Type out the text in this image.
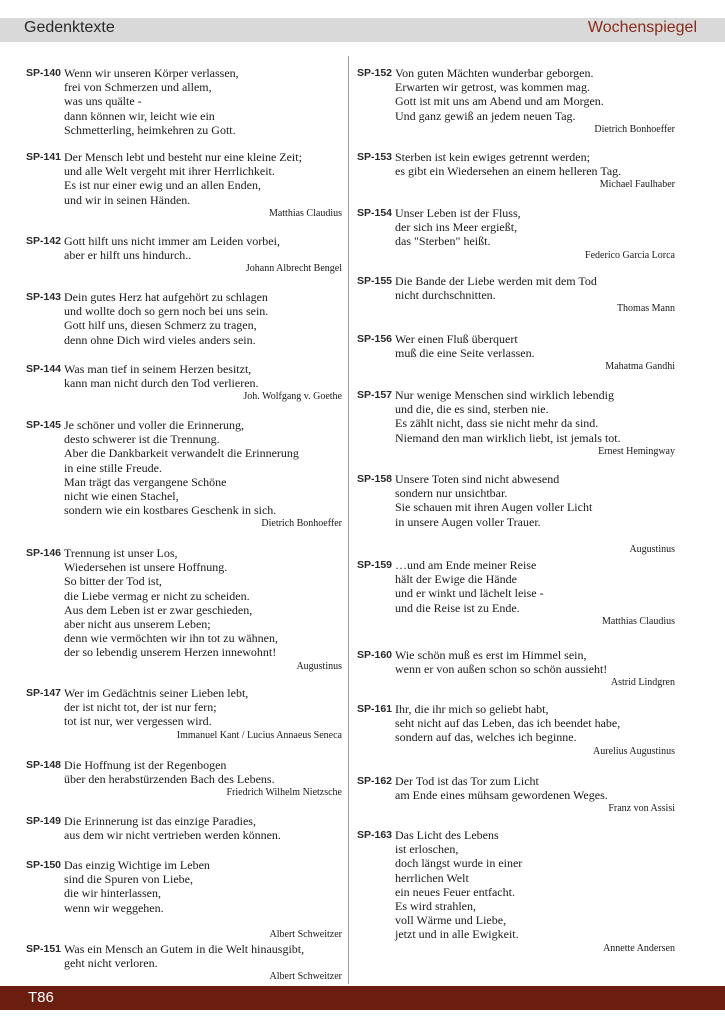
Gedenktexte	Wochenspiegel
SP-140 Wenn wir unseren Körper verlassen,
frei von Schmerzen und allem,
was uns quälte -
dann können wir, leicht wie ein
Schmetterling, heimkehren zu Gott.
SP-141 Der Mensch lebt und besteht nur eine kleine Zeit;
und alle Welt vergeht mit ihrer Herrlichkeit.
Es ist nur einer ewig und an allen Enden,
und wir in seinen Händen.
Matthias Claudius
SP-142 Gott hilft uns nicht immer am Leiden vorbei,
aber er hilft uns hindurch..
Johann Albrecht Bengel
SP-143 Dein gutes Herz hat aufgehört zu schlagen
und wollte doch so gern noch bei uns sein.
Gott hilf uns, diesen Schmerz zu tragen,
denn ohne Dich wird vieles anders sein.
SP-144 Was man tief in seinem Herzen besitzt,
kann man nicht durch den Tod verlieren.
Joh. Wolfgang v. Goethe
SP-145 Je schöner und voller die Erinnerung,
desto schwerer ist die Trennung.
Aber die Dankbarkeit verwandelt die Erinnerung
in eine stille Freude.
Man trägt das vergangene Schöne
nicht wie einen Stachel,
sondern wie ein kostbares Geschenk in sich.
Dietrich Bonhoeffer
SP-146 Trennung ist unser Los,
Wiedersehen ist unsere Hoffnung.
So bitter der Tod ist,
die Liebe vermag er nicht zu scheiden.
Aus dem Leben ist er zwar geschieden,
aber nicht aus unserem Leben;
denn wie vermöchten wir ihn tot zu wähnen,
der so lebendig unserem Herzen innewohnt!
Augustinus
SP-147 Wer im Gedächtnis seiner Lieben lebt,
der ist nicht tot, der ist nur fern;
tot ist nur, wer vergessen wird.
Immanuel Kant / Lucius Annaeus Seneca
SP-148 Die Hoffnung ist der Regenbogen
über den herabstürzenden Bach des Lebens.
Friedrich Wilhelm Nietzsche
SP-149 Die Erinnerung ist das einzige Paradies,
aus dem wir nicht vertrieben werden können.
SP-150 Das einzig Wichtige im Leben
sind die Spuren von Liebe,
die wir hinterlassen,
wenn wir weggehen.
Albert Schweitzer
SP-151 Was ein Mensch an Gutem in die Welt hinausgibt,
geht nicht verloren.
Albert Schweitzer
SP-152 Von guten Mächten wunderbar geborgen.
Erwarten wir getrost, was kommen mag.
Gott ist mit uns am Abend und am Morgen.
Und ganz gewiß an jedem neuen Tag.
Dietrich Bonhoeffer
SP-153 Sterben ist kein ewiges getrennt werden;
es gibt ein Wiedersehen an einem helleren Tag.
Michael Faulhaber
SP-154 Unser Leben ist der Fluss,
der sich ins Meer ergießt,
das "Sterben" heißt.
Federico Garcia Lorca
SP-155 Die Bande der Liebe werden mit dem Tod
nicht durchschnitten.
Thomas Mann
SP-156 Wer einen Fluß überquert
muß die eine Seite verlassen.
Mahatma Gandhi
SP-157 Nur wenige Menschen sind wirklich lebendig
und die, die es sind, sterben nie.
Es zählt nicht, dass sie nicht mehr da sind.
Niemand den man wirklich liebt, ist jemals tot.
Ernest Hemingway
SP-158 Unsere Toten sind nicht abwesend
sondern nur unsichtbar.
Sie schauen mit ihren Augen voller Licht
in unsere Augen voller Trauer.
Augustinus
SP-159 …und am Ende meiner Reise
hält der Ewige die Hände
und er winkt und lächelt leise -
und die Reise ist zu Ende.
Matthias Claudius
SP-160 Wie schön muß es erst im Himmel sein,
wenn er von außen schon so schön aussieht!
Astrid Lindgren
SP-161 Ihr, die ihr mich so geliebt habt,
seht nicht auf das Leben, das ich beendet habe,
sondern auf das, welches ich beginne.
Aurelius Augustinus
SP-162 Der Tod ist das Tor zum Licht
am Ende eines mühsam gewordenen Weges.
Franz von Assisi
SP-163 Das Licht des Lebens
ist erloschen,
doch längst wurde in einer
herrlichen Welt
ein neues Feuer entfacht.
Es wird strahlen,
voll Wärme und Liebe,
jetzt und in alle Ewigkeit.
Annette Andersen
T86
